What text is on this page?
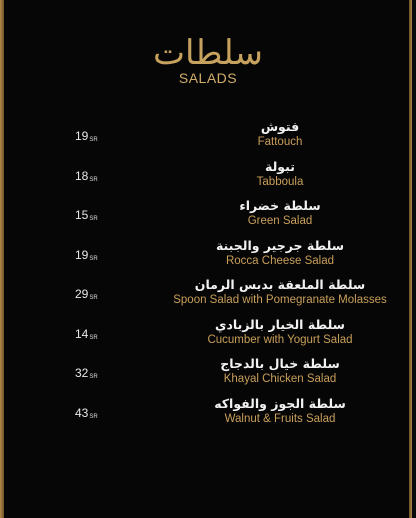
سلطات
SALADS
19SR
فتوش
Fattouch
18SR
تبولة
Tabboula
15SR
سلطة خضراء
Green Salad
19SR
سلطة جرجير والجبنة
Rocca Cheese Salad
29SR
سلطة الملعقة بدبس الرمان
Spoon Salad with Pomegranate Molasses
14SR
سلطة الخيار بالزبادي
Cucumber with Yogurt Salad
32SR
سلطة خيال بالدجاج
Khayal Chicken Salad
43SR
سلطة الجوز والفواكه
Walnut & Fruits Salad
